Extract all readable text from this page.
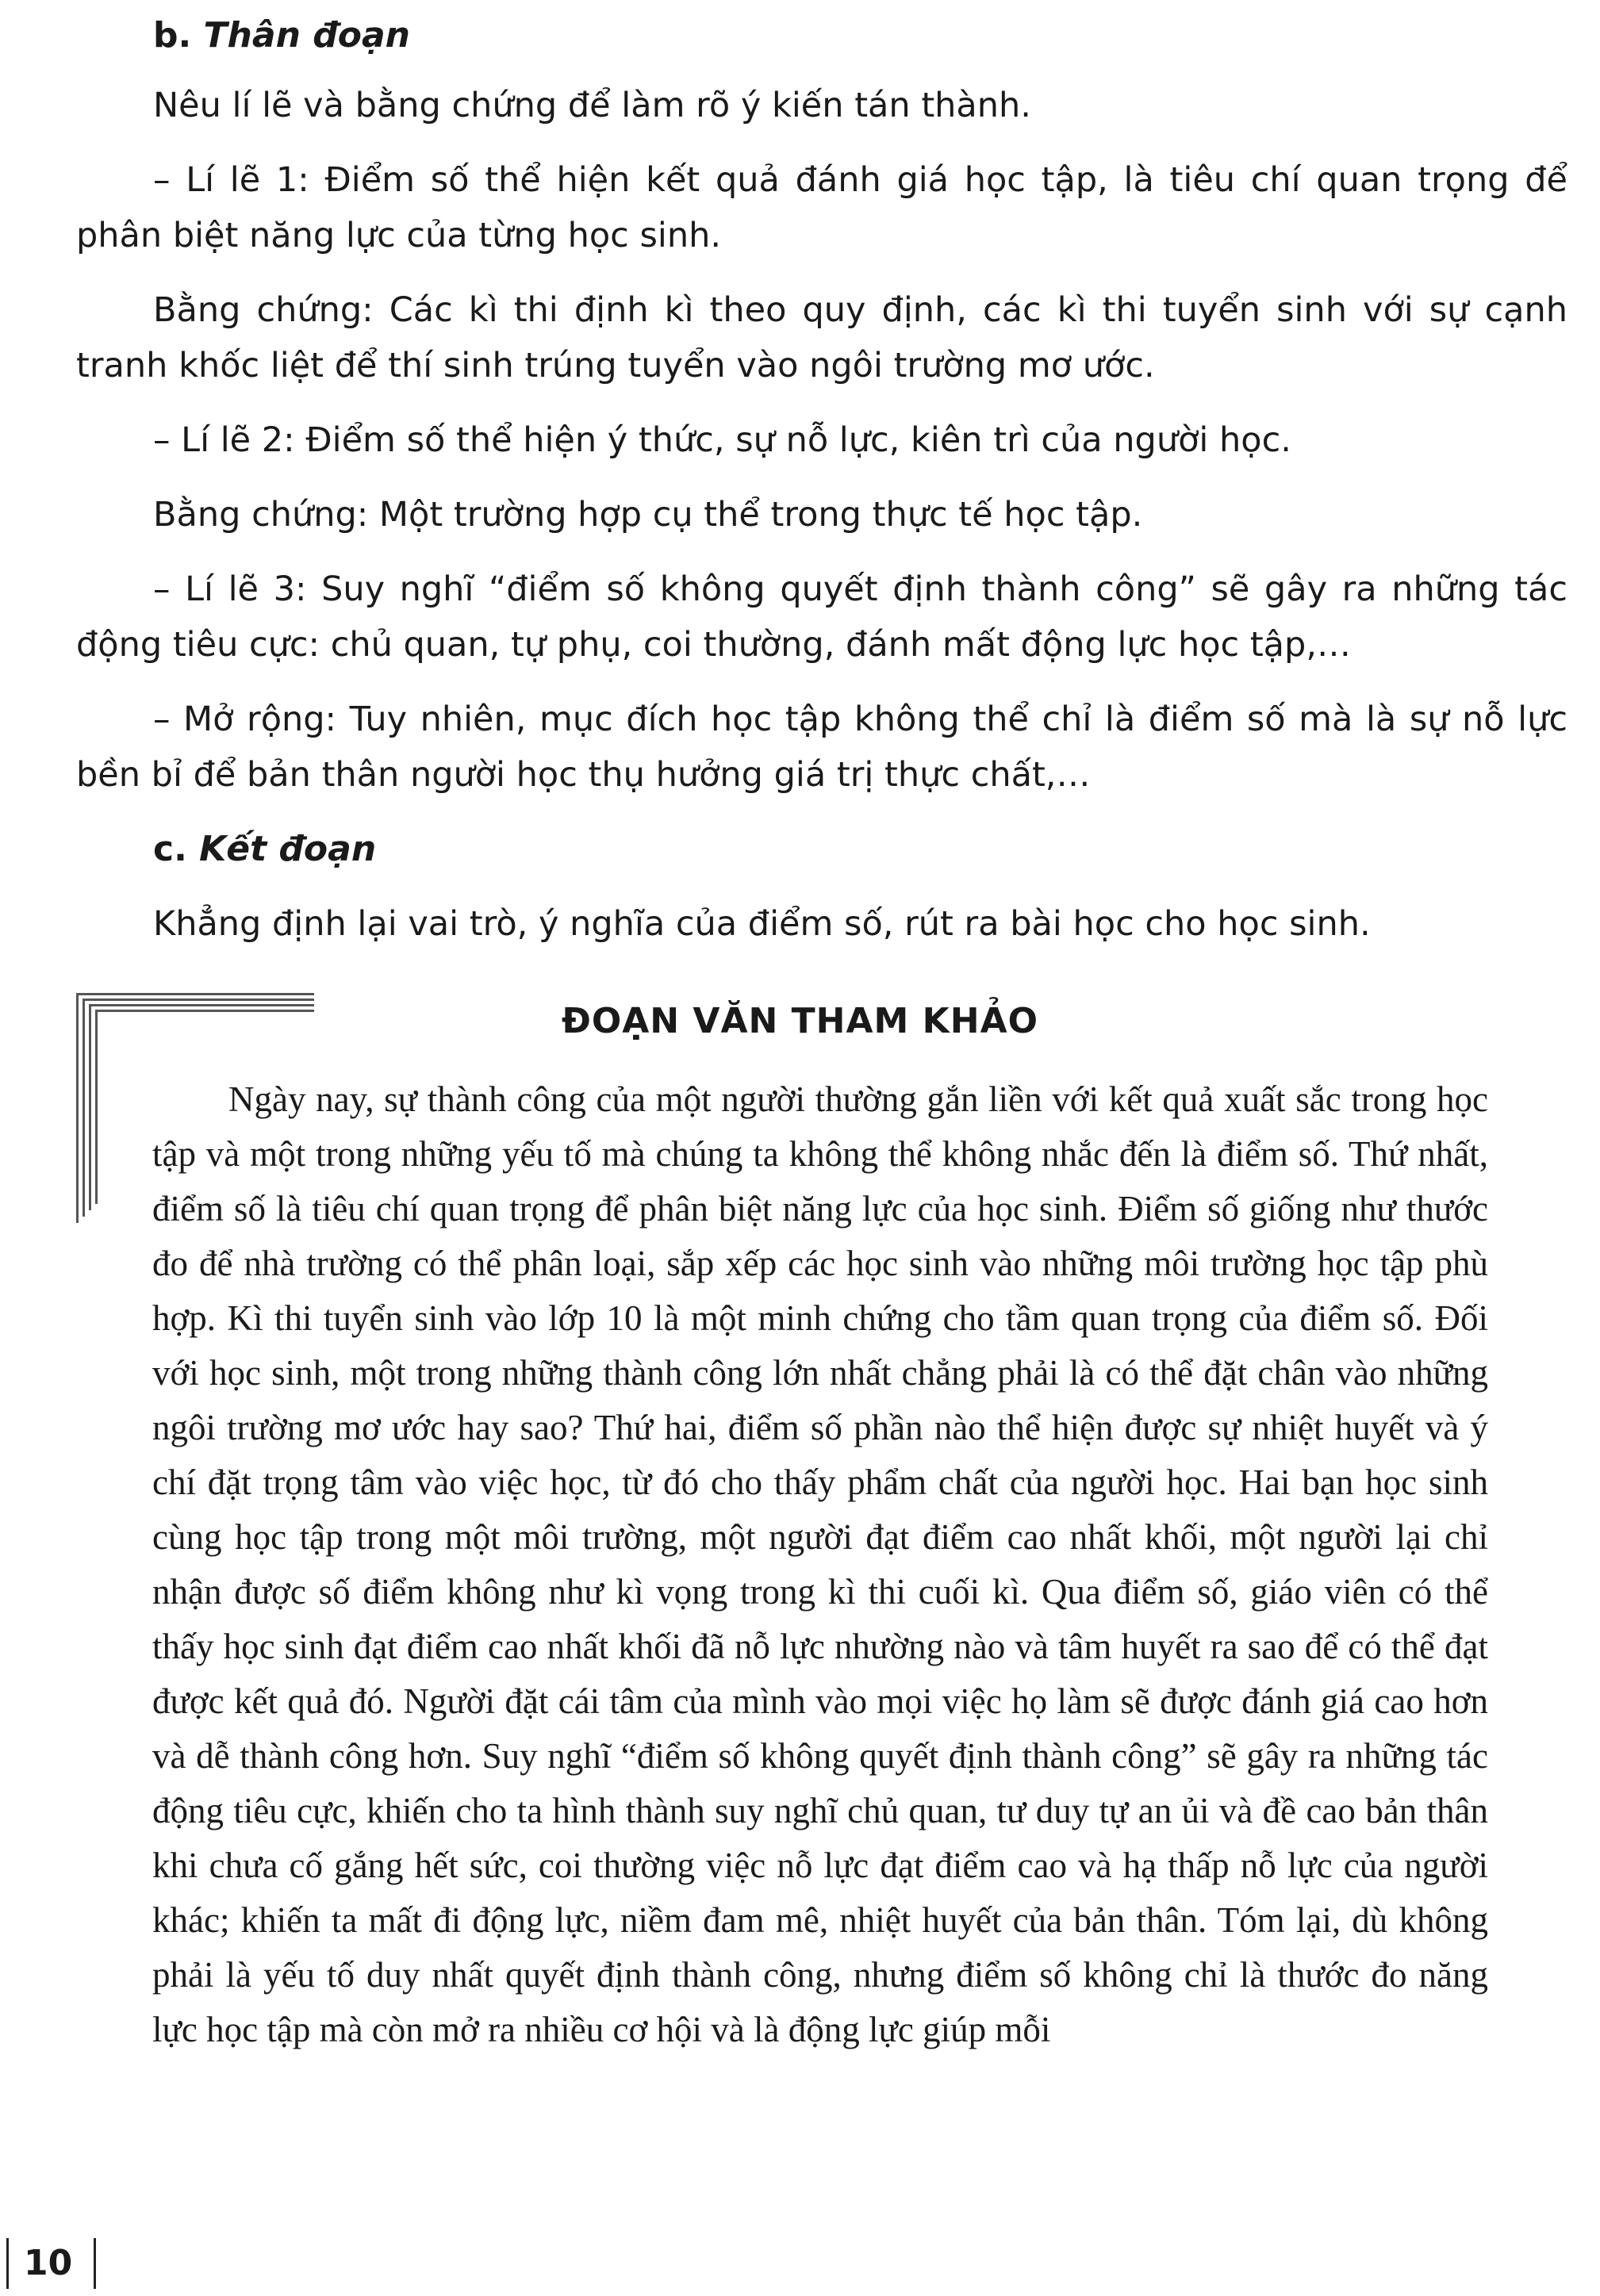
b. Thân đoạn

Nêu lí lẽ và bằng chứng để làm rõ ý kiến tán thành.

– Lí lẽ 1: Điểm số thể hiện kết quả đánh giá học tập, là tiêu chí quan trọng để phân biệt năng lực của từng học sinh.

Bằng chứng: Các kì thi định kì theo quy định, các kì thi tuyển sinh với sự cạnh tranh khốc liệt để thí sinh trúng tuyển vào ngôi trường mơ ước.

– Lí lẽ 2: Điểm số thể hiện ý thức, sự nỗ lực, kiên trì của người học.

Bằng chứng: Một trường hợp cụ thể trong thực tế học tập.

– Lí lẽ 3: Suy nghĩ “điểm số không quyết định thành công” sẽ gây ra những tác động tiêu cực: chủ quan, tự phụ, coi thường, đánh mất động lực học tập,…

– Mở rộng: Tuy nhiên, mục đích học tập không thể chỉ là điểm số mà là sự nỗ lực bền bỉ để bản thân người học thụ hưởng giá trị thực chất,…

c. Kết đoạn

Khẳng định lại vai trò, ý nghĩa của điểm số, rút ra bài học cho học sinh.

ĐOẠN VĂN THAM KHẢO

Ngày nay, sự thành công của một người thường gắn liền với kết quả xuất sắc trong học tập và một trong những yếu tố mà chúng ta không thể không nhắc đến là điểm số. Thứ nhất, điểm số là tiêu chí quan trọng để phân biệt năng lực của học sinh. Điểm số giống như thước đo để nhà trường có thể phân loại, sắp xếp các học sinh vào những môi trường học tập phù hợp. Kì thi tuyển sinh vào lớp 10 là một minh chứng cho tầm quan trọng của điểm số. Đối với học sinh, một trong những thành công lớn nhất chẳng phải là có thể đặt chân vào những ngôi trường mơ ước hay sao? Thứ hai, điểm số phần nào thể hiện được sự nhiệt huyết và ý chí đặt trọng tâm vào việc học, từ đó cho thấy phẩm chất của người học. Hai bạn học sinh cùng học tập trong một môi trường, một người đạt điểm cao nhất khối, một người lại chỉ nhận được số điểm không như kì vọng trong kì thi cuối kì. Qua điểm số, giáo viên có thể thấy học sinh đạt điểm cao nhất khối đã nỗ lực nhường nào và tâm huyết ra sao để có thể đạt được kết quả đó. Người đặt cái tâm của mình vào mọi việc họ làm sẽ được đánh giá cao hơn và dễ thành công hơn. Suy nghĩ “điểm số không quyết định thành công” sẽ gây ra những tác động tiêu cực, khiến cho ta hình thành suy nghĩ chủ quan, tư duy tự an ủi và đề cao bản thân khi chưa cố gắng hết sức, coi thường việc nỗ lực đạt điểm cao và hạ thấp nỗ lực của người khác; khiến ta mất đi động lực, niềm đam mê, nhiệt huyết của bản thân. Tóm lại, dù không phải là yếu tố duy nhất quyết định thành công, nhưng điểm số không chỉ là thước đo năng lực học tập mà còn mở ra nhiều cơ hội và là động lực giúp mỗi

10
